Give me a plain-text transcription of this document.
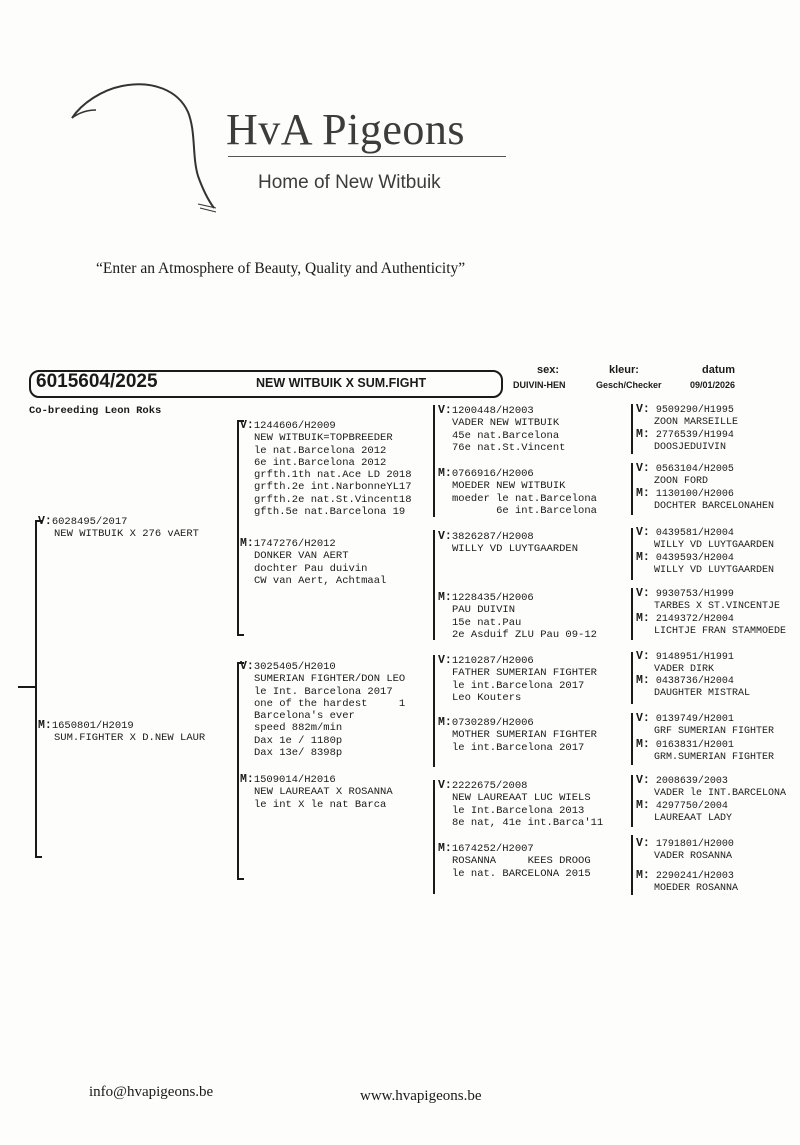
HvA Pigeons
Home of New Witbuik
“Enter an Atmosphere of Beauty, Quality and Authenticity”
6015604/2025	NEW WITBUIK X SUM.FIGHT
sex:
DUIVIN-HEN
kleur:
Gesch/Checker
datum
09/01/2026
Co-breeding Leon Roks
V:6028495/2017
NEW WITBUIK X 276 vAERT
M:1650801/H2019
SUM.FIGHTER X D.NEW LAUR
V:1244606/H2009
NEW WITBUIK=TOPBREEDER
le nat.Barcelona 2012
6e int.Barcelona 2012
grfth.1th nat.Ace LD 2018
grfth.2e int.NarbonneYL17
grfth.2e nat.St.Vincent18
gfth.5e nat.Barcelona 19
M:1747276/H2012
DONKER VAN AERT
dochter Pau duivin
CW van Aert, Achtmaal
V:3025405/H2010
SUMERIAN FIGHTER/DON LEO
le Int. Barcelona 2017
one of the hardest     1
Barcelona's ever
speed 882m/min
Dax 1e / 1180p
Dax 13e/ 8398p
M:1509014/H2016
NEW LAUREAAT X ROSANNA
le int X le nat Barca
V:1200448/H2003
VADER NEW WITBUIK
45e nat.Barcelona
76e nat.St.Vincent
M:0766916/H2006
MOEDER NEW WITBUIK
moeder le nat.Barcelona
6e int.Barcelona
V:3826287/H2008
WILLY VD LUYTGAARDEN
M:1228435/H2006
PAU DUIVIN
15e nat.Pau
2e Asduif ZLU Pau 09-12
V:1210287/H2006
FATHER SUMERIAN FIGHTER
le int.Barcelona 2017
Leo Kouters
M:0730289/H2006
MOTHER SUMERIAN FIGHTER
le int.Barcelona 2017
V:2222675/2008
NEW LAUREAAT LUC WIELS
le Int.Barcelona 2013
8e nat, 41e int.Barca'11
M:1674252/H2007
ROSANNA     KEES DROOG
le nat. BARCELONA 2015
V: 9509290/H1995
ZOON MARSEILLE
M: 2776539/H1994
DOOSJEDUIVIN
V: 0563104/H2005
ZOON FORD
M: 1130100/H2006
DOCHTER BARCELONAHEN
V: 0439581/H2004
WILLY VD LUYTGAARDEN
M: 0439593/H2004
WILLY VD LUYTGAARDEN
V: 9930753/H1999
TARBES X ST.VINCENTJE
M: 2149372/H2004
LICHTJE FRAN STAMMOEDE
V: 9148951/H1991
VADER DIRK
M: 0438736/H2004
DAUGHTER MISTRAL
V: 0139749/H2001
GRF SUMERIAN FIGHTER
M: 0163831/H2001
GRM.SUMERIAN FIGHTER
V: 2008639/2003
VADER le INT.BARCELONA
M: 4297750/2004
LAUREAAT LADY
V: 1791801/H2000
VADER ROSANNA
M: 2290241/H2003
MOEDER ROSANNA
info@hvapigeons.be	www.hvapigeons.be
